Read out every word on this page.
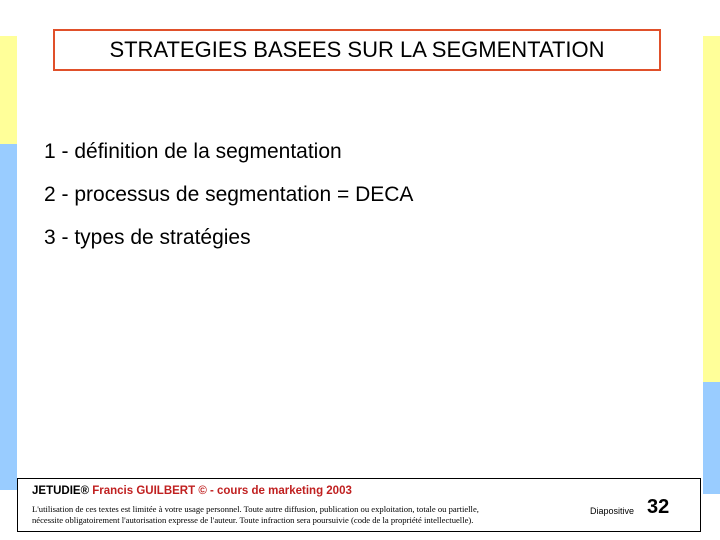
STRATEGIES BASEES SUR LA SEGMENTATION
1 - définition de la segmentation
2 - processus de segmentation = DECA
3 - types de stratégies
JETUDIE® Francis GUILBERT © - cours de marketing 2003
L'utilisation de ces textes est limitée à votre usage personnel. Toute autre diffusion, publication ou exploitation, totale ou partielle,
nécessite obligatoirement l'autorisation expresse de l'auteur. Toute infraction sera poursuivie (code de la propriété intellectuelle).
Diapositive 32
